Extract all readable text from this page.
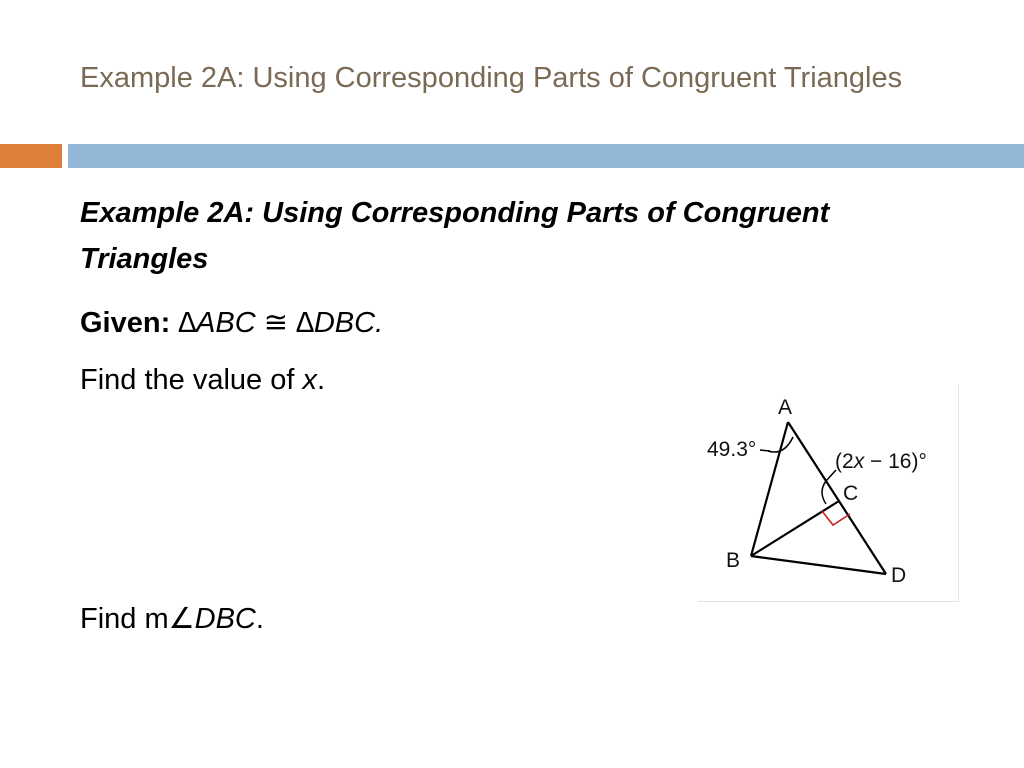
Example 2A: Using Corresponding Parts of Congruent Triangles
Example 2A: Using Corresponding Parts of Congruent Triangles
Given: ∆ABC ≅ ∆DBC.
Find the value of x.
Find m∠DBC.
A
B
C
D
49.3°
(2x − 16)°
